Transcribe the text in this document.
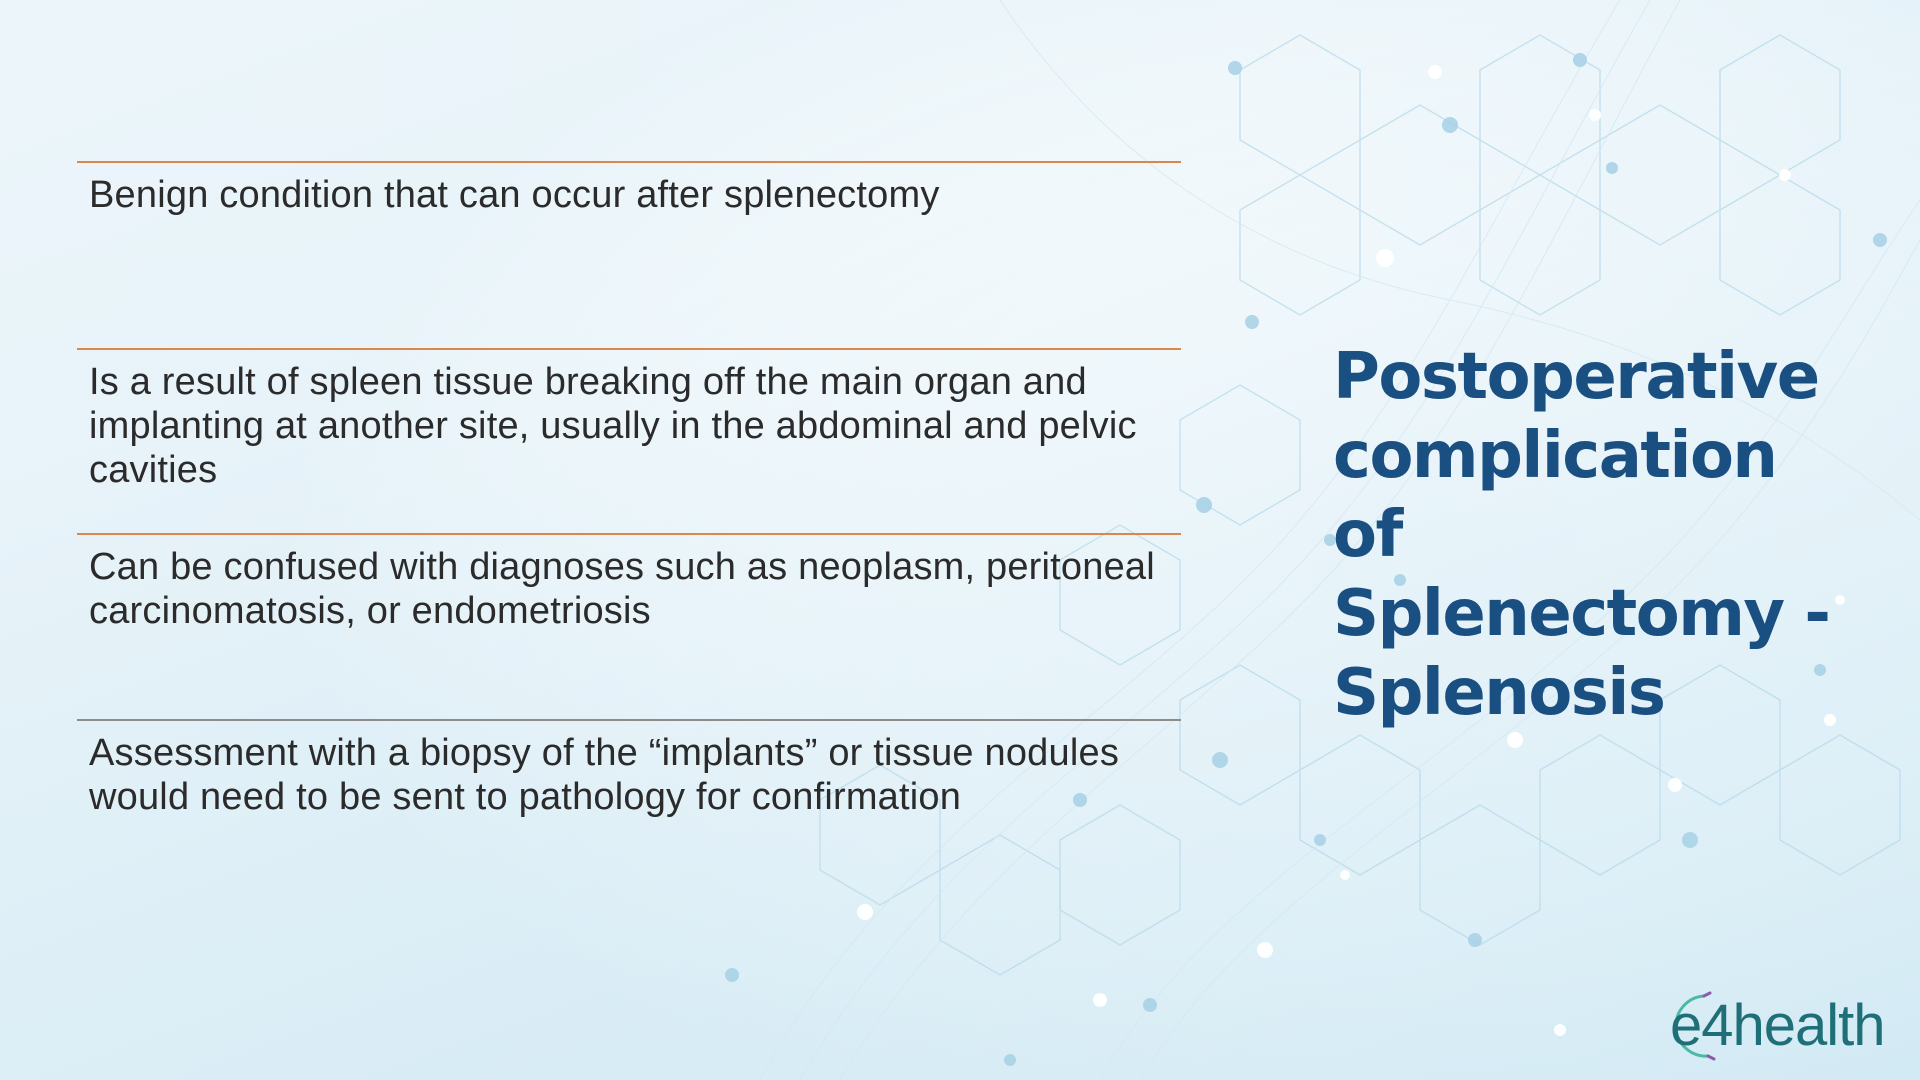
Benign condition that can occur after splenectomy
Is a result of spleen tissue breaking off the main organ and implanting at another site, usually in the abdominal and pelvic cavities
Can be confused with diagnoses such as neoplasm, peritoneal carcinomatosis, or endometriosis
Assessment with a biopsy of the “implants” or tissue nodules would need to be sent to pathology for confirmation
Postoperative
complication
of
Splenectomy -
Splenosis
e4health
